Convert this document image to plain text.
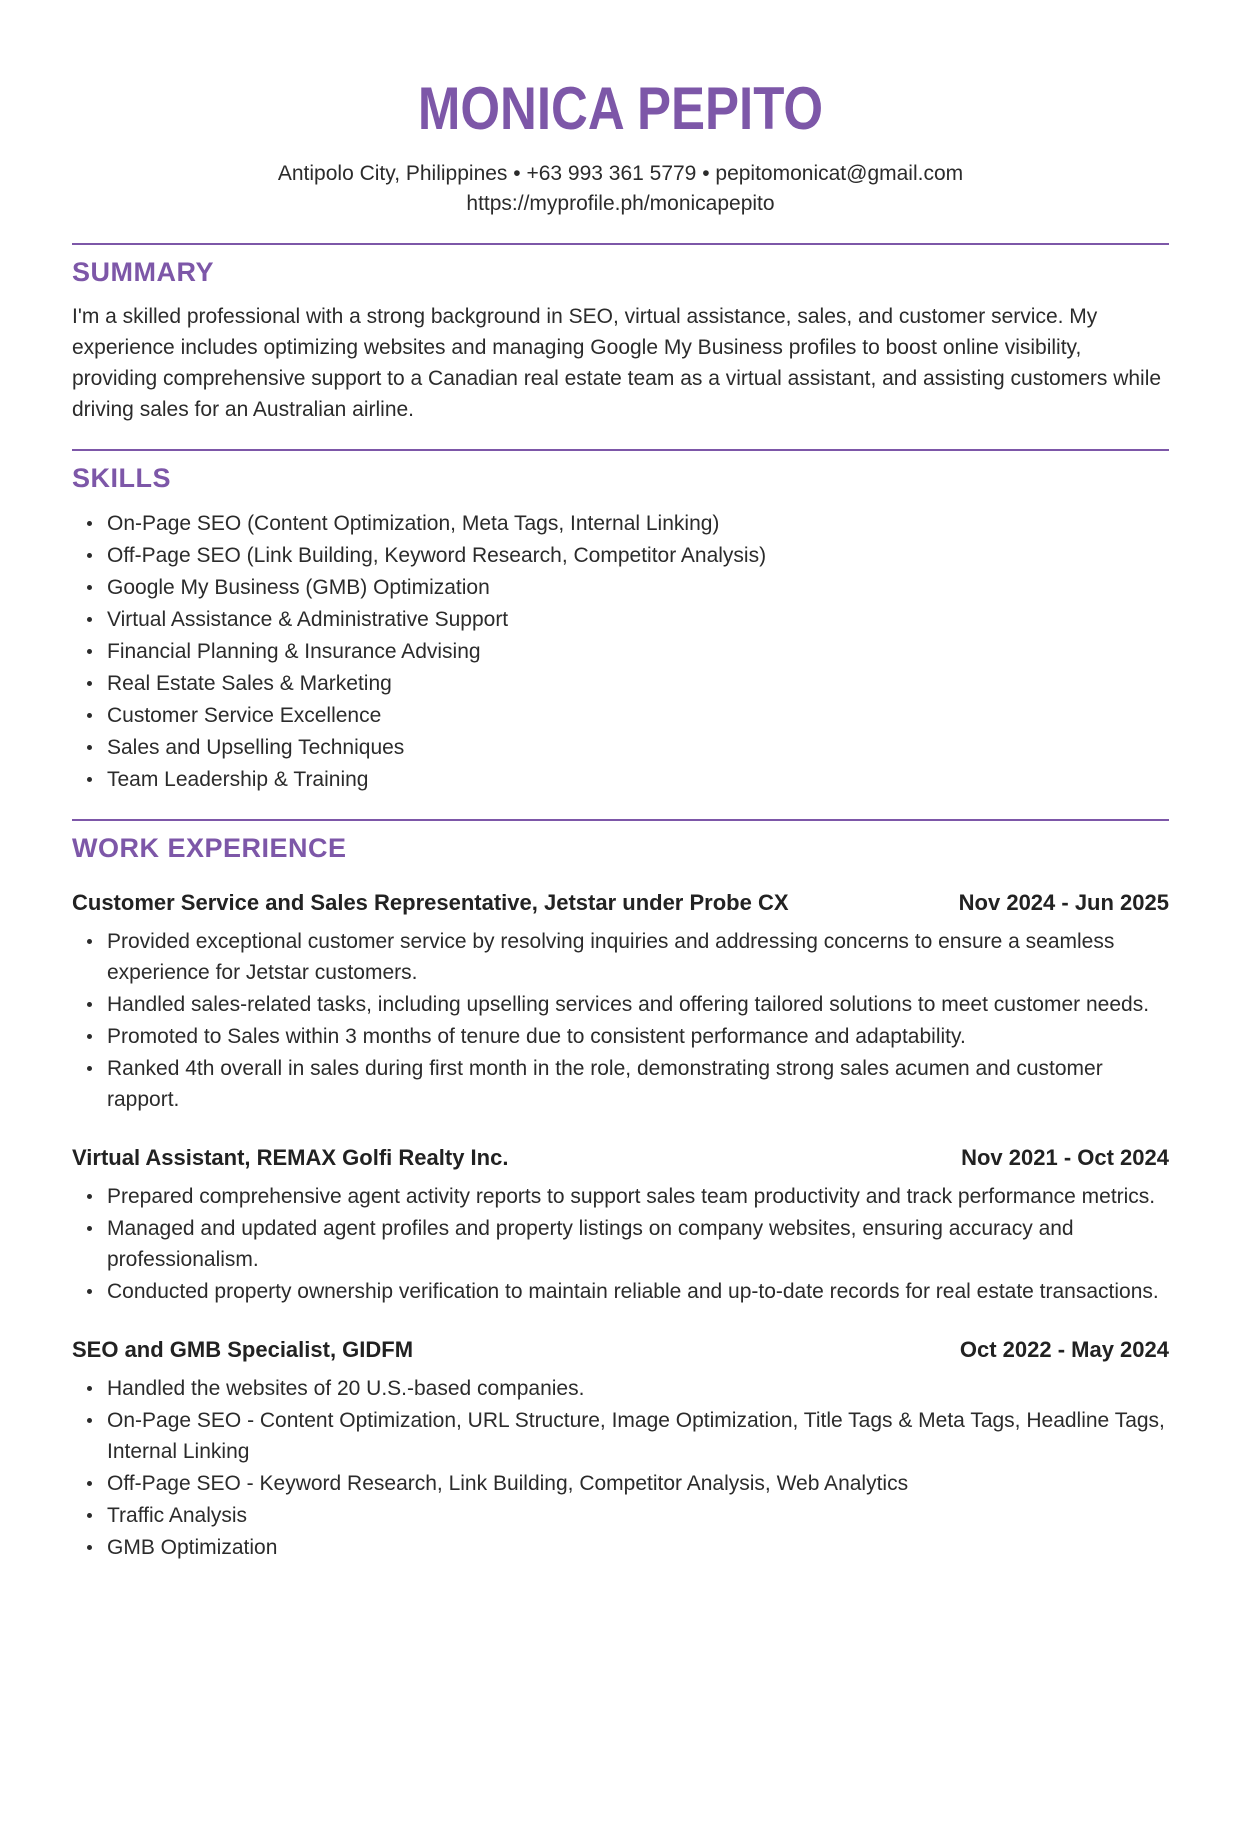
MONICA PEPITO
Antipolo City, Philippines • +63 993 361 5779 • pepitomonicat@gmail.com
https://myprofile.ph/monicapepito
SUMMARY

I'm a skilled professional with a strong background in SEO, virtual assistance, sales, and customer service. My experience includes optimizing websites and managing Google My Business profiles to boost online visibility, providing comprehensive support to a Canadian real estate team as a virtual assistant, and assisting customers while driving sales for an Australian airline.

SKILLS
On-Page SEO (Content Optimization, Meta Tags, Internal Linking)
Off-Page SEO (Link Building, Keyword Research, Competitor Analysis)
Google My Business (GMB) Optimization
Virtual Assistance & Administrative Support
Financial Planning & Insurance Advising
Real Estate Sales & Marketing
Customer Service Excellence
Sales and Upselling Techniques
Team Leadership & Training
WORK EXPERIENCE
Customer Service and Sales Representative, Jetstar under Probe CX	Nov 2024 - Jun 2025
Provided exceptional customer service by resolving inquiries and addressing concerns to ensure a seamless experience for Jetstar customers.
Handled sales-related tasks, including upselling services and offering tailored solutions to meet customer needs.
Promoted to Sales within 3 months of tenure due to consistent performance and adaptability.
Ranked 4th overall in sales during first month in the role, demonstrating strong sales acumen and customer rapport.
Virtual Assistant, REMAX Golfi Realty Inc.	Nov 2021 - Oct 2024
Prepared comprehensive agent activity reports to support sales team productivity and track performance metrics.
Managed and updated agent profiles and property listings on company websites, ensuring accuracy and professionalism.
Conducted property ownership verification to maintain reliable and up-to-date records for real estate transactions.
SEO and GMB Specialist, GIDFM	Oct 2022 - May 2024
Handled the websites of 20 U.S.-based companies.
On-Page SEO - Content Optimization, URL Structure, Image Optimization, Title Tags & Meta Tags, Headline Tags, Internal Linking
Off-Page SEO - Keyword Research, Link Building, Competitor Analysis, Web Analytics
Traffic Analysis
GMB Optimization
